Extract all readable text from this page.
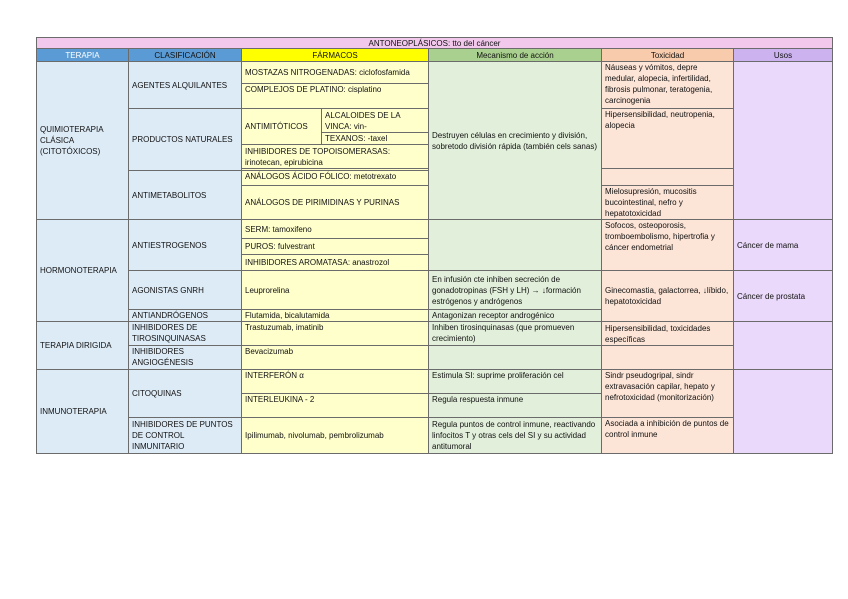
ANTONEOPLÁSICOS: tto del cáncer						
TERAPIA	CLASIFICACIÓN	FÁRMACOS		Mecanismo de acción	Toxicidad	Usos
QUIMIOTERAPIA CLÁSICA (CITOTÓXICOS)	AGENTES ALQUILANTES	MOSTAZAS NITROGENADAS: ciclofosfamida		Destruyen células en crecimiento y división, sobretodo división rápida (también cels sanas)	Náuseas y vómitos, depre medular, alopecia, infertilidad, fibrosis pulmonar, teratogenia, carcinogenia	
		COMPLEJOS DE PLATINO: cisplatino				
	PRODUCTOS NATURALES	ANTIMITÓTICOS	ALCALOIDES DE LA VINCA: vin-		Hipersensibilidad, neutropenia, alopecia	
			TEXANOS: -taxel			
		INHIBIDORES DE TOPOISOMERASAS: irinotecan, epirubicina				

	ANTIMETABOLITOS	ANÁLOGOS ÁCIDO FÓLICO: metotrexato				
		ANÁLOGOS DE PIRIMIDINAS Y PURINAS			Mielosupresión, mucositis bucointestinal, nefro y hepatotoxicidad	

HORMONOTERAPIA	ANTIESTROGENOS	SERM: tamoxifeno			Sofocos, osteoporosis, tromboembolismo, hipertrofia y cáncer endometrial	Cáncer de mama
		PUROS: fulvestrant				
		INHIBIDORES AROMATASA: anastrozol				
	AGONISTAS GNRH	Leuprorelina		En infusión cte inhiben secreción de gonadotropinas (FSH y LH) → ↓formación estrógenos y andrógenos	Ginecomastia, galactorrea, ↓líbido, hepatotoxicidad	Cáncer de prostata
	ANTIANDRÓGENOS	Flutamida, bicalutamida		Antagonizan receptor androgénico		
TERAPIA DIRIGIDA	INHIBIDORES DE TIROSINQUINASAS	Trastuzumab, imatinib		Inhiben tirosinquinasas (que promueven crecimiento)	Hipersensibilidad, toxicidades específicas	
	INHIBIDORES ANGIOGÉNESIS	Bevacizumab				
INMUNOTERAPIA	CITOQUINAS	INTERFERÓN α		Estimula SI: suprime proliferación cel	Sindr pseudogripal, sindr extravasación capilar, hepato y nefrotoxicidad (monitorización)	
		INTERLEUKINA - 2		Regula respuesta inmune		
	INHIBIDORES DE PUNTOS DE CONTROL INMUNITARIO	Ipilimumab, nivolumab, pembrolizumab		Regula puntos de control inmune, reactivando linfocitos T y otras cels del SI y su actividad antitumoral	Asociada a inhibición de puntos de control inmune	
